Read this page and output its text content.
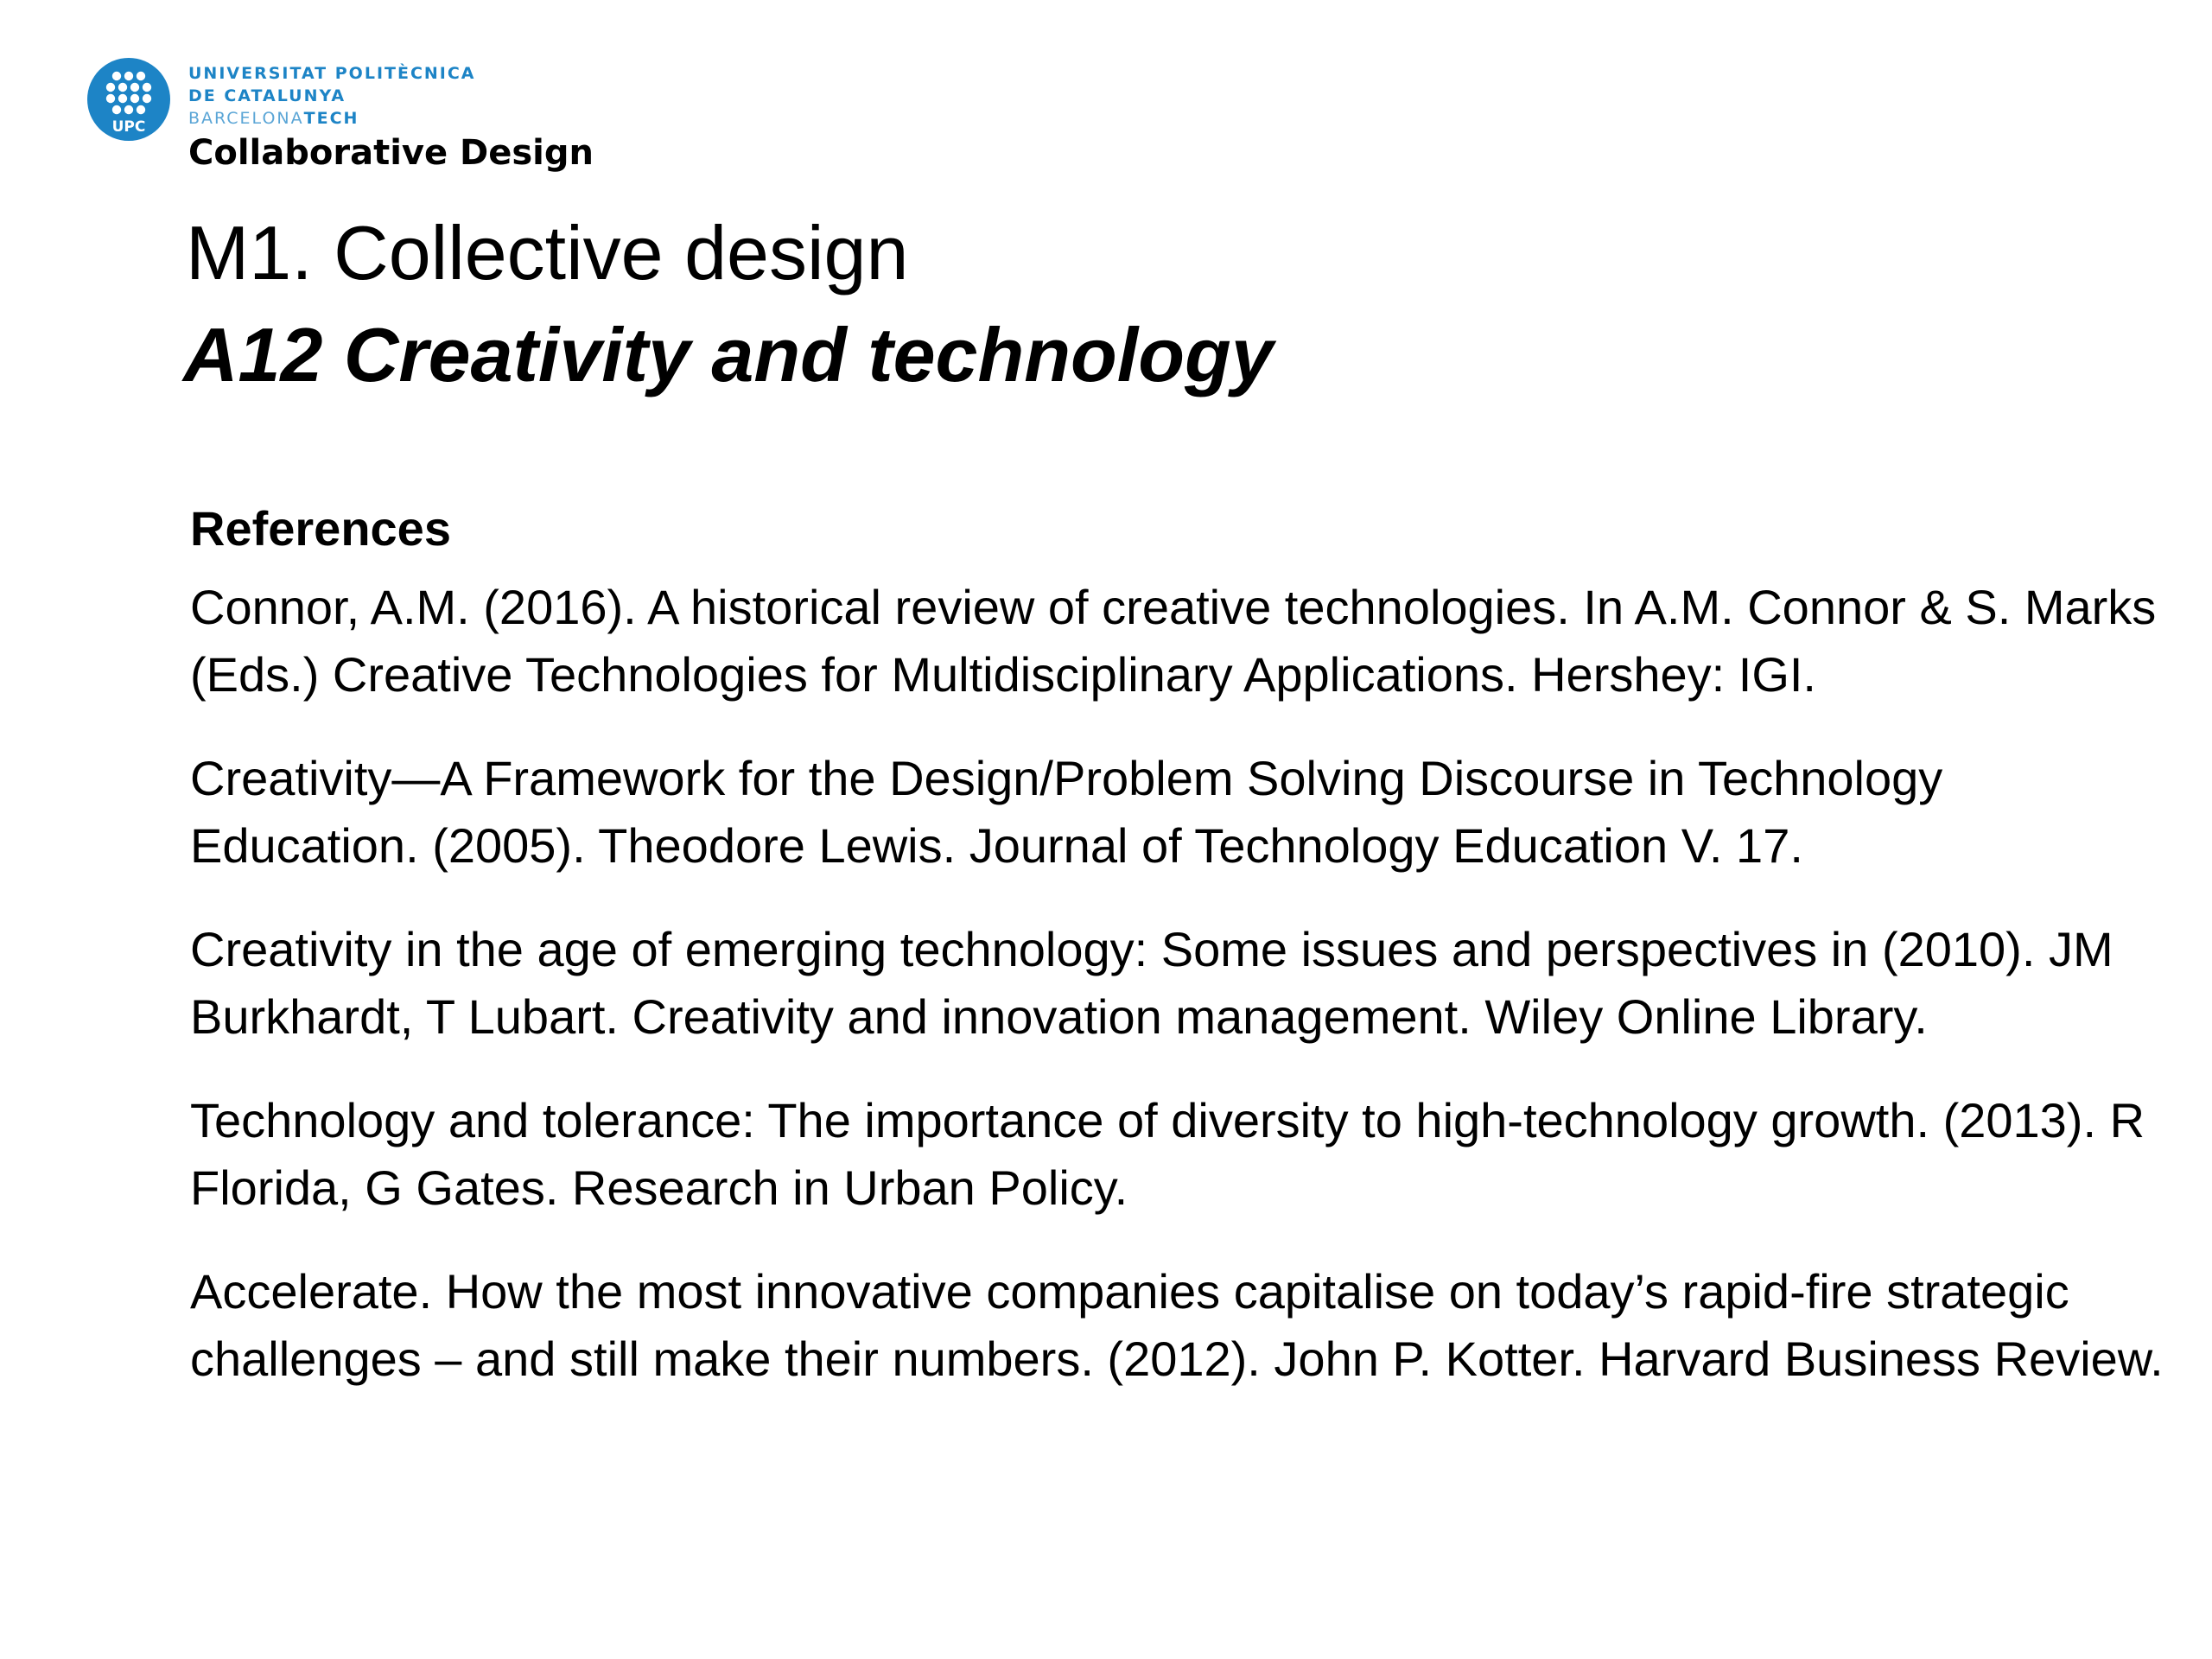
UPC
UNIVERSITAT POLITÈCNICA
DE CATALUNYA
BARCELONATECH
Collaborative Design
M1. Collective design
A12 Creativity and technology
References
Connor, A.M. (2016). A historical review of creative technologies. In A.M. Connor & S. Marks (Eds.) Creative Technologies for Multidisciplinary Applications. Hershey: IGI.
Creativity—A Framework for the Design/Problem Solving Discourse in Technology Education. (2005). Theodore Lewis. Journal of Technology Education V. 17.
Creativity in the age of emerging technology: Some issues and perspectives in (2010). JM Burkhardt, T Lubart. Creativity and innovation management. Wiley Online Library.
Technology and tolerance: The importance of diversity to high-technology growth. (2013). R Florida, G Gates. Research in Urban Policy.
Accelerate. How the most innovative companies capitalise on today’s rapid-fire strategic challenges – and still make their numbers. (2012). John P. Kotter. Harvard Business Review.
